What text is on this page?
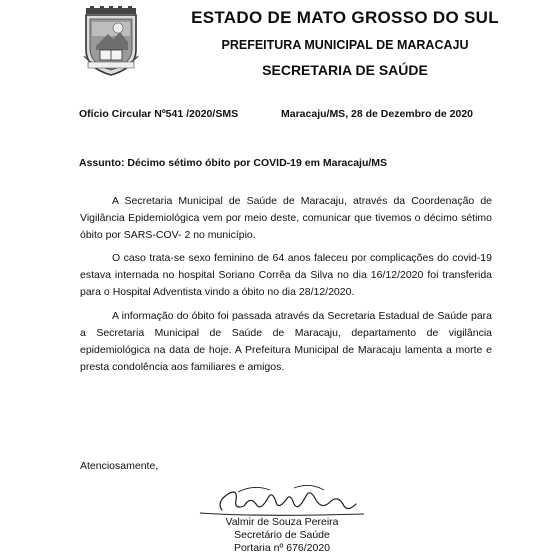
ESTADO DE MATO GROSSO DO SUL
PREFEITURA MUNICIPAL DE MARACAJU
SECRETARIA DE SAÚDE
Ofício Circular Nº541 /2020/SMS	Maracaju/MS, 28 de Dezembro de 2020
Assunto: Décimo sétimo óbito por COVID-19 em Maracaju/MS

A Secretaria Municipal de Saúde de Maracaju, através da Coordenação de Vigilância Epidemiológica vem por meio deste, comunicar que tivemos o décimo sétimo óbito por SARS-COV- 2 no município.

O caso trata-se sexo feminino de 64 anos faleceu por complicações do covid-19 estava internada no hospital Soriano Corrêa da Silva no dia 16/12/2020 foi transferida para o Hospital Adventista vindo a óbito no dia 28/12/2020.

A informação do óbito foi passada através da Secretaria Estadual de Saúde para a Secretaria Municipal de Saúde de Maracaju, departamento de vigilância epidemiológica na data de hoje. A Prefeitura Municipal de Maracaju lamenta a morte e presta condolência aos familiares e amigos.

Atenciosamente,
Valmir de Souza Pereira
Secretário de Saúde
Portaria nº 676/2020
